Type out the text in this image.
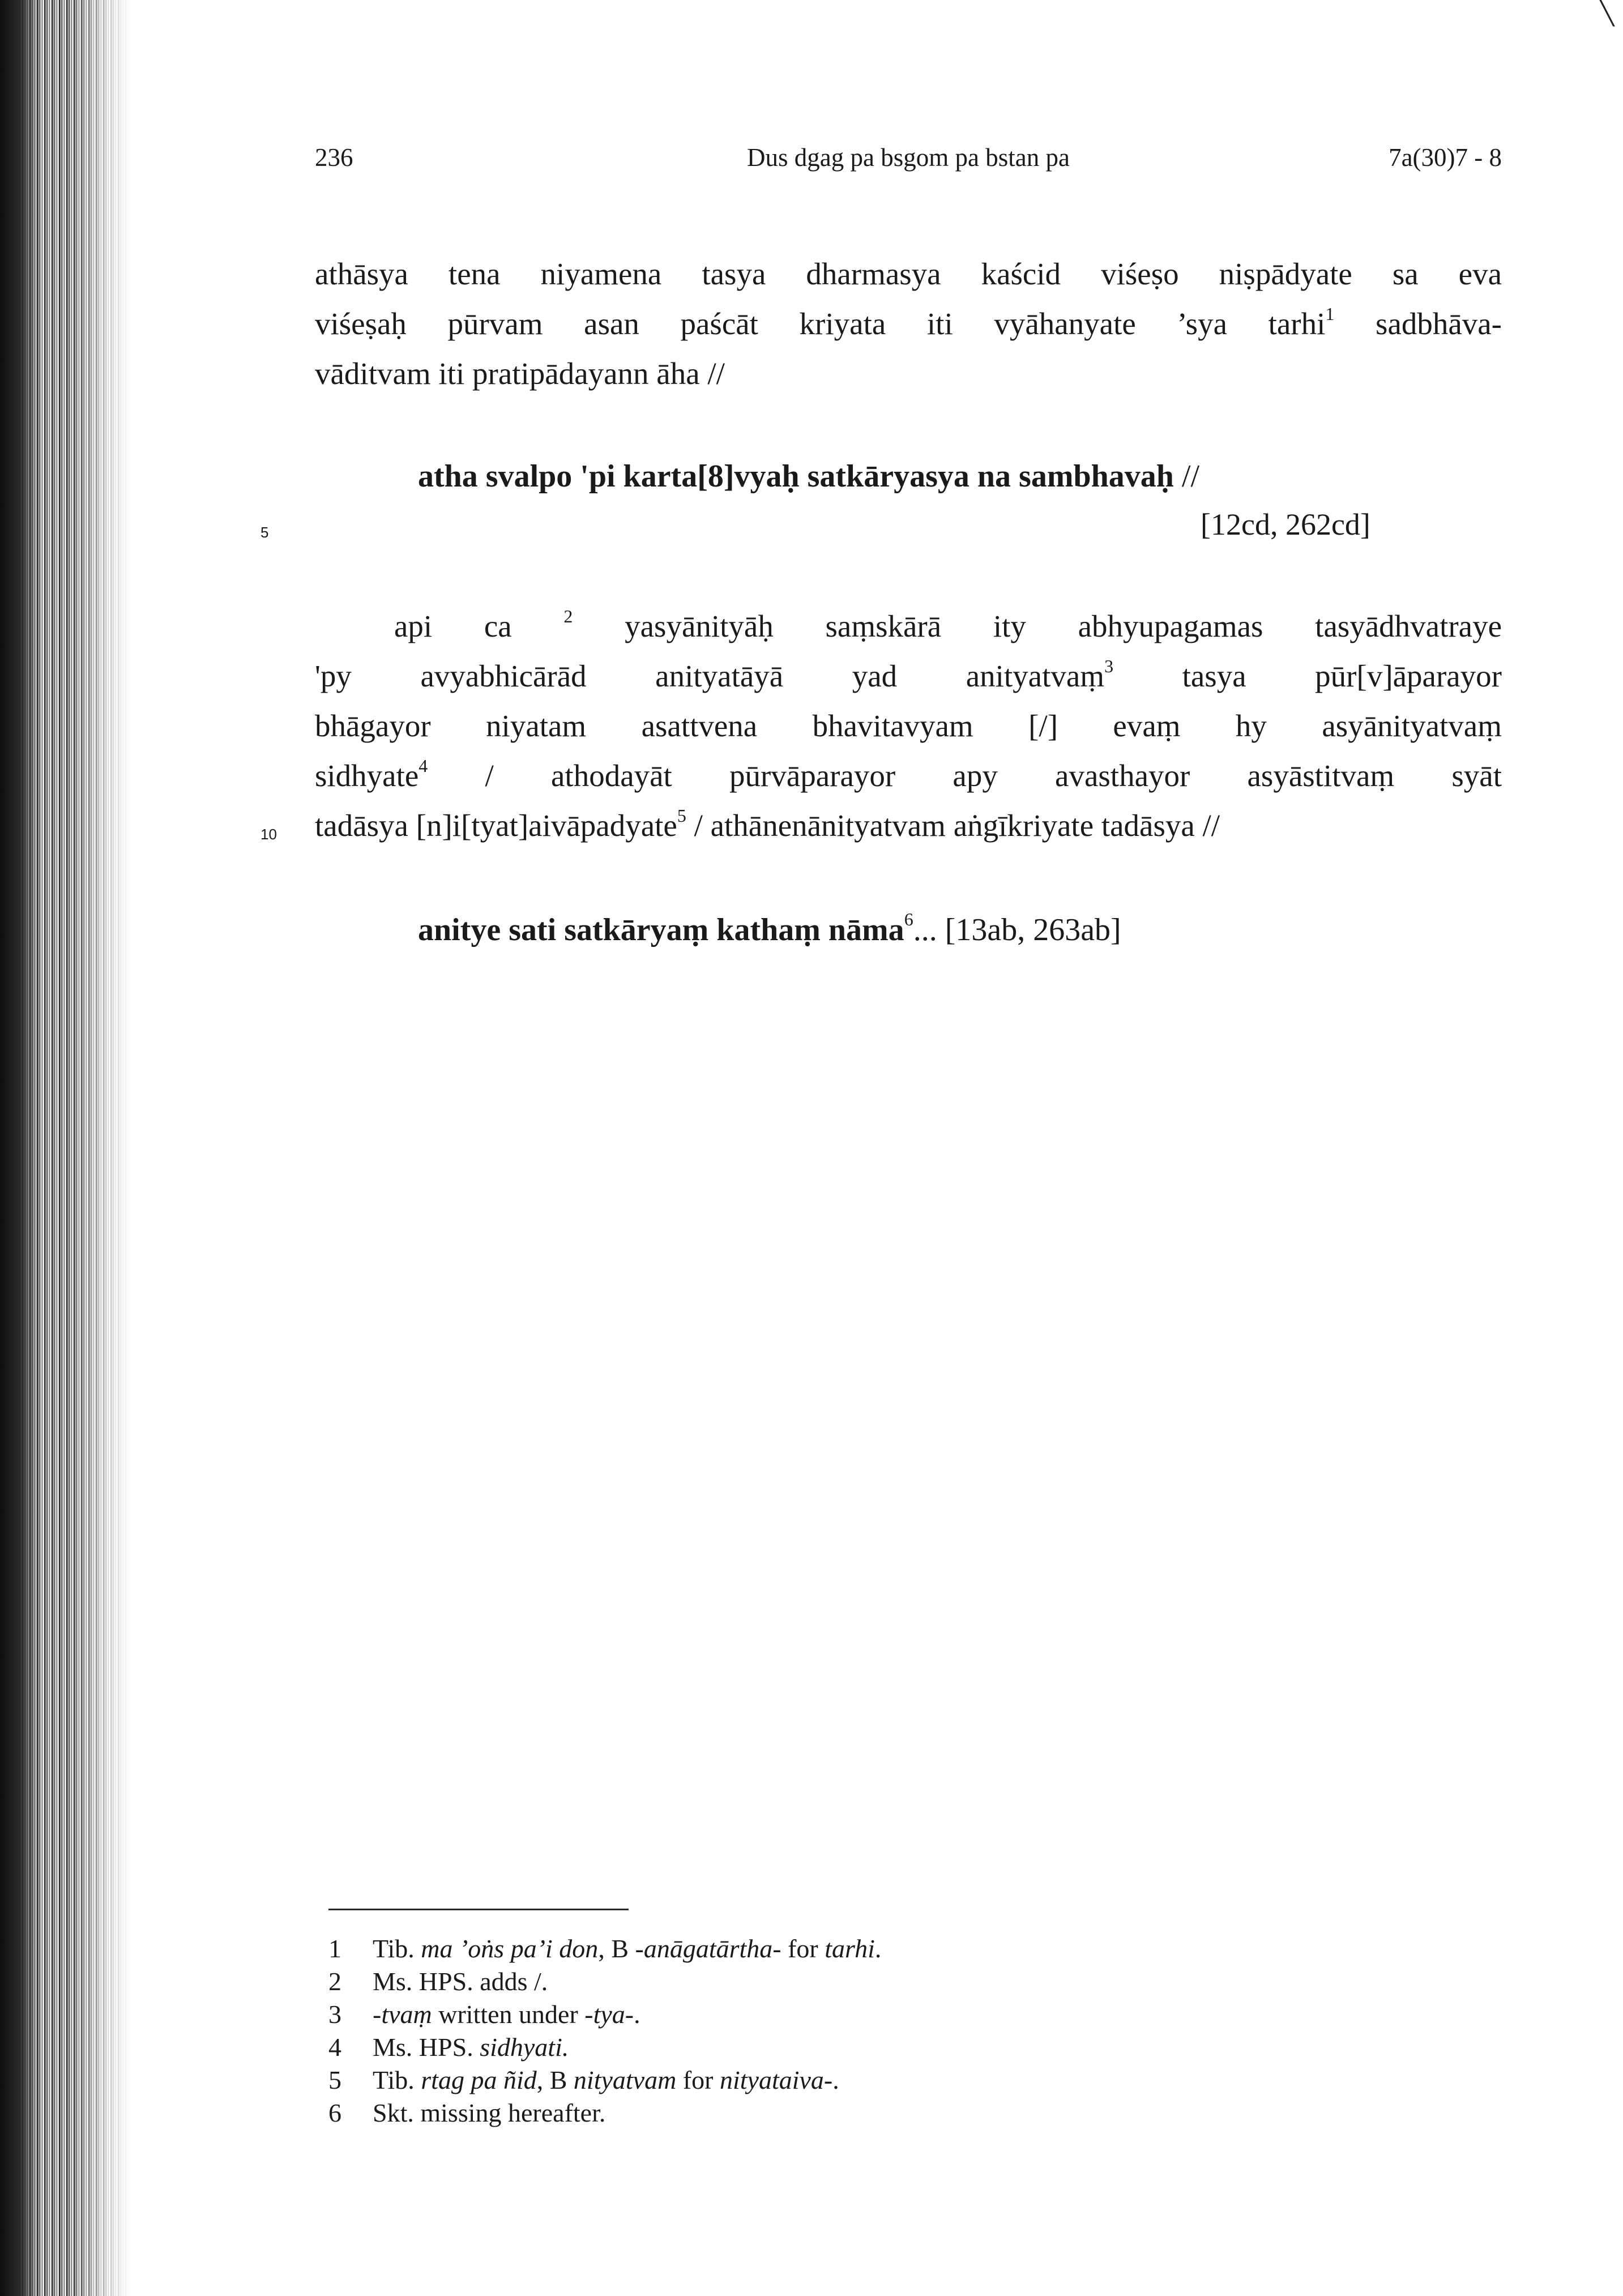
╲
236	Dus dgag pa bsgom pa bstan pa	7a(30)7 - 8
athāsya tena niyamena tasya dharmasya kaścid viśeṣo niṣpādyate sa eva
viśeṣaḥ pūrvam asan paścāt kriyata iti vyāhanyate ’sya tarhi$^1$ sadbhāva-
vāditvam iti pratipādayann āha //
atha svalpo 'pi karta[8]vyaḥ satkāryasya na sambhavaḥ //
[12cd, 262cd]
5
api ca $^2$ yasyānityāḥ saṃskārā ity abhyupagamas tasyādhvatraye
'py avyabhicārād anityatāyā yad anityatvaṃ$^3$ tasya pūr[v]āparayor
bhāgayor niyatam asattvena bhavitavyam [/] evaṃ hy asyānityatvaṃ
sidhyate$^4$ / athodayāt pūrvāparayor apy avasthayor asyāstitvaṃ syāt
tadāsya [n]i[tyat]aivāpadyate$^5$ / athānenānityatvam aṅgīkriyate tadāsya //
10
anitye sati satkāryaṃ kathaṃ nāma$^6$... [13ab, 263ab]
1 Tib. ma ’oṅs pa’i don, B -anāgatārtha- for tarhi.
2 Ms. HPS. adds /.
3 -tvaṃ written under -tya-.
4 Ms. HPS. sidhyati.
5 Tib. rtag pa ñid, B nityatvam for nityataiva-.
6 Skt. missing hereafter.
